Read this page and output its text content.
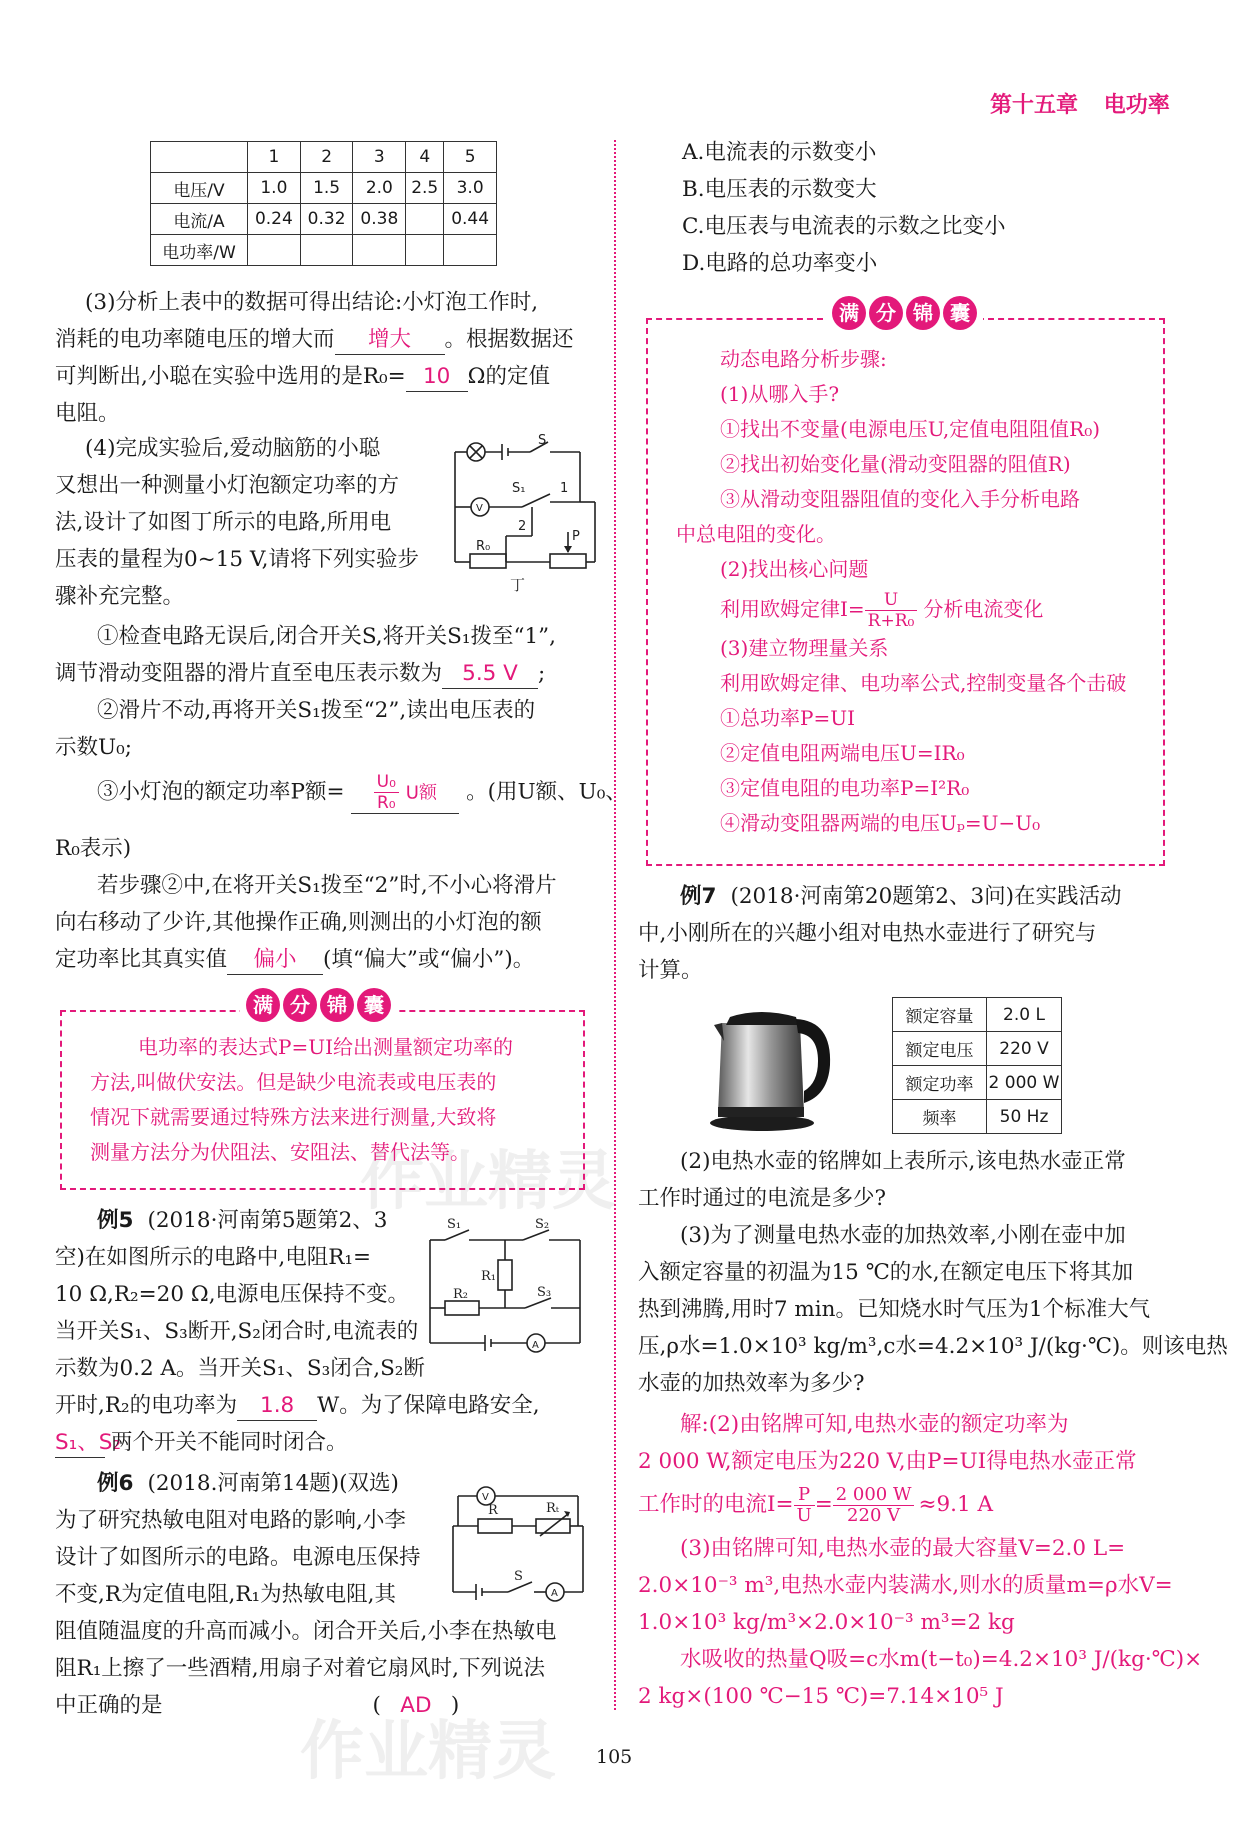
作业精灵
作业精灵
第十五章 电功率
	1	2	3	4	5
电压/V	1.0	1.5	2.0	2.5	3.0
电流/A	0.24	0.32	0.38		0.44
电功率/W					
(3)分析上表中的数据可得出结论:小灯泡工作时,
消耗的电功率随电压的增大而 增大 。根据数据还
可判断出,小聪在实验中选用的是R₀= 10 Ω的定值
电阻。
(4)完成实验后,爱动脑筋的小聪
又想出一种测量小灯泡额定功率的方
法,设计了如图丁所示的电路,所用电
压表的量程为0~15 V,请将下列实验步
骤补充完整。
S
S₁	1
2
R₀
P
V
丁
①检查电路无误后,闭合开关S,将开关S₁拨至“1”,
调节滑动变阻器的滑片直至电压表示数为 5.5 V ;
②滑片不动,再将开关S₁拨至“2”,读出电压表的
示数U₀;
③小灯泡的额定功率P额= $\frac{\text{U₀}}{\text{R₀}}$ U额 。(用U额、U₀、
R₀表示)
若步骤②中,在将开关S₁拨至“2”时,不小心将滑片
向右移动了少许,其他操作正确,则测出的小灯泡的额
定功率比其真实值 偏小 (填“偏大”或“偏小”)。
满 分 锦 囊
电功率的表达式P=UI给出测量额定功率的
方法,叫做伏安法。但是缺少电流表或电压表的
情况下就需要通过特殊方法来进行测量,大致将
测量方法分为伏阻法、安阻法、替代法等。
例5 (2018·河南第5题第2、3
空)在如图所示的电路中,电阻R₁=
10 Ω,R₂=20 Ω,电源电压保持不变。
当开关S₁、S₃断开,S₂闭合时,电流表的
示数为0.2 A。当开关S₁、S₃闭合,S₂断
开时,R₂的电功率为 1.8 W。为了保障电路安全,
S₁、S₂两个开关不能同时闭合。
S₁	S₂
R₁
R₂	S₃
A
例6 (2018.河南第14题)(双选)
为了研究热敏电阻对电路的影响,小李
设计了如图所示的电路。电源电压保持
不变,R为定值电阻,R₁为热敏电阻,其
阻值随温度的升高而减小。闭合开关后,小李在热敏电
阻R₁上擦了一些酒精,用扇子对着它扇风时,下列说法
中正确的是	( AD )
V
R	Rₜ
S
A
105
A.电流表的示数变小
B.电压表的示数变大
C.电压表与电流表的示数之比变小
D.电路的总功率变小
满 分 锦 囊
动态电路分析步骤:
(1)从哪入手?
①找出不变量(电源电压U,定值电阻阻值R₀)
②找出初始变化量(滑动变阻器的阻值R)
③从滑动变阻器阻值的变化入手分析电路
中总电阻的变化。
(2)找出核心问题
利用欧姆定律$I= \frac{U}{\text{R+R₀}}$ 分析电流变化
(3)建立物理量关系
利用欧姆定律、电功率公式,控制变量各个击破
①总功率P=UI
②定值电阻两端电压U=IR₀
③定值电阻的电功率P=I²R₀
④滑动变阻器两端的电压Uₚ=U−U₀
例7 (2018·河南第20题第2、3问)在实践活动
中,小刚所在的兴趣小组对电热水壶进行了研究与
计算。
额定容量	2.0 L
额定电压	220 V
额定功率	2 000 W
频率	50 Hz
(2)电热水壶的铭牌如上表所示,该电热水壶正常
工作时通过的电流是多少?
(3)为了测量电热水壶的加热效率,小刚在壶中加
入额定容量的初温为15 ℃的水,在额定电压下将其加
热到沸腾,用时7 min。已知烧水时气压为1个标准大气
压,ρ水=1.0×10³ kg/m³,c水=4.2×10³ J/(kg·℃)。则该电热
水壶的加热效率为多少?
解:(2)由铭牌可知,电热水壶的额定功率为
2 000 W,额定电压为220 V,由P=UI得电热水壶正常
工作时的电流$I= \frac{P}{U} = \frac{2 000 W}{220 V} \approx 9.1$ A
(3)由铭牌可知,电热水壶的最大容量V=2.0 L=
2.0×10⁻³ m³,电热水壶内装满水,则水的质量m=ρ水V=
1.0×10³ kg/m³×2.0×10⁻³ m³=2 kg
水吸收的热量Q吸=c水m(t−t₀)=4.2×10³ J/(kg·℃)×
2 kg×(100 ℃−15 ℃)=7.14×10⁵ J
